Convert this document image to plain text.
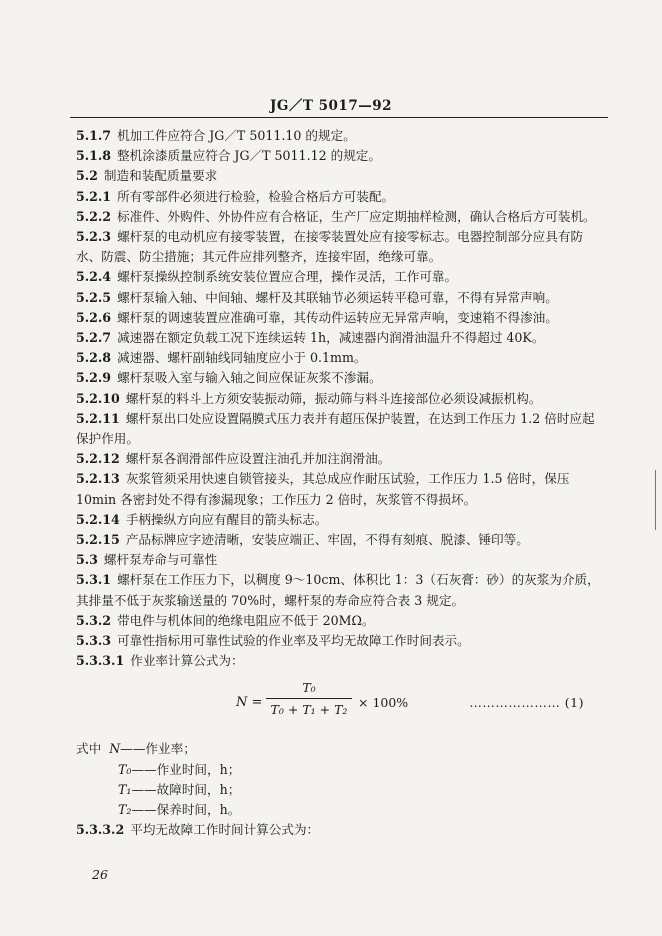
JG／T 5017—92

5.1.7 机加工件应符合 JG／T 5011.10 的规定。

5.1.8 整机涂漆质量应符合 JG／T 5011.12 的规定。

5.2 制造和装配质量要求

5.2.1 所有零部件必须进行检验，检验合格后方可装配。

5.2.2 标准件、外购件、外协件应有合格证，生产厂应定期抽样检测，确认合格后方可装机。

5.2.3 螺杆泵的电动机应有接零装置，在接零装置处应有接零标志。电器控制部分应具有防水、防震、防尘措施；其元件应排列整齐，连接牢固，绝缘可靠。

5.2.4 螺杆泵操纵控制系统安装位置应合理，操作灵活，工作可靠。

5.2.5 螺杆泵输入轴、中间轴、螺杆及其联轴节必须运转平稳可靠，不得有异常声响。

5.2.6 螺杆泵的调速装置应准确可靠，其传动件运转应无异常声响，变速箱不得渗油。

5.2.7 减速器在额定负载工况下连续运转 1h，减速器内润滑油温升不得超过 40K。

5.2.8 减速器、螺杆副轴线同轴度应小于 0.1mm。

5.2.9 螺杆泵吸入室与输入轴之间应保证灰浆不渗漏。

5.2.10 螺杆泵的料斗上方须安装振动筛，振动筛与料斗连接部位必须设减振机构。

5.2.11 螺杆泵出口处应设置隔膜式压力表并有超压保护装置，在达到工作压力 1.2 倍时应起保护作用。

5.2.12 螺杆泵各润滑部件应设置注油孔并加注润滑油。

5.2.13 灰浆管须采用快速自锁管接头，其总成应作耐压试验，工作压力 1.5 倍时，保压 10min 各密封处不得有渗漏现象；工作压力 2 倍时，灰浆管不得损坏。

5.2.14 手柄操纵方向应有醒目的箭头标志。

5.2.15 产品标牌应字迹清晰，安装应端正、牢固，不得有刻痕、脱漆、锤印等。

5.3 螺杆泵寿命与可靠性

5.3.1 螺杆泵在工作压力下，以稠度 9～10cm、体积比 1：3（石灰膏：砂）的灰浆为介质，其排量不低于灰浆输送量的 70%时，螺杆泵的寿命应符合表 3 规定。

5.3.2 带电件与机体间的绝缘电阻应不低于 20MΩ。

5.3.3 可靠性指标用可靠性试验的作业率及平均无故障工作时间表示。

5.3.3.1 作业率计算公式为：

N =
T₀
T₀ + T₁ + T₂ × 100%	………………… (1)

式中 N——作业率；

T₀——作业时间，h；

T₁——故障时间，h；

T₂——保养时间，h。

5.3.3.2 平均无故障工作时间计算公式为：

26
